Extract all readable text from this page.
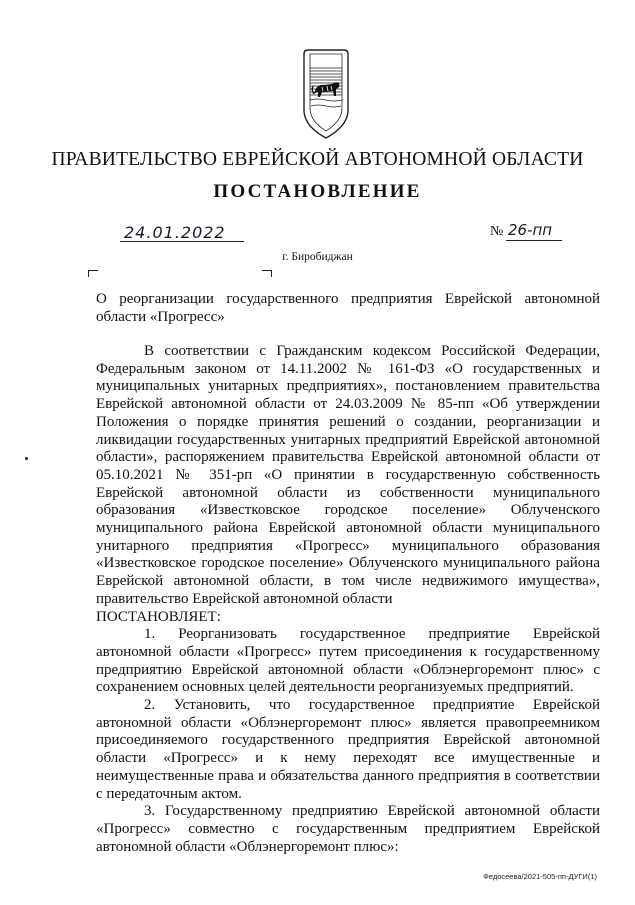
ПРАВИТЕЛЬСТВО ЕВРЕЙСКОЙ АВТОНОМНОЙ ОБЛАСТИ
ПОСТАНОВЛЕНИЕ
24.01.2022	№ 26-пп
г. Биробиджан
О реорганизации государственного предприятия Еврейской автономной области «Прогресс»

В соответствии с Гражданским кодексом Российской Федерации, Федеральным законом от 14.11.2002 № 161-ФЗ «О государственных и муниципальных унитарных предприятиях», постановлением правительства Еврейской автономной области от 24.03.2009 № 85-пп «Об утверждении Положения о порядке принятия решений о создании, реорганизации и ликвидации государственных унитарных предприятий Еврейской автономной области», распоряжением правительства Еврейской автономной области от 05.10.2021 № 351-рп «О принятии в государственную собственность Еврейской автономной области из собственности муниципального образования «Известковское городское поселение» Облученского муниципального района Еврейской автономной области муниципального унитарного предприятия «Прогресс» муниципального образования «Известковское городское поселение» Облученского муниципального района Еврейской автономной области, в том числе недвижимого имущества», правительство Еврейской автономной области

ПОСТАНОВЛЯЕТ:

1. Реорганизовать государственное предприятие Еврейской автономной области «Прогресс» путем присоединения к государственному предприятию Еврейской автономной области «Облэнергоремонт плюс» с сохранением основных целей деятельности реорганизуемых предприятий.

2. Установить, что государственное предприятие Еврейской автономной области «Облэнергоремонт плюс» является правопреемником присоединяемого государственного предприятия Еврейской автономной области «Прогресс» и к нему переходят все имущественные и неимущественные права и обязательства данного предприятия в соответствии с передаточным актом.

3. Государственному предприятию Еврейской автономной области «Прогресс» совместно с государственным предприятием Еврейской автономной области «Облэнергоремонт плюс»:

Федосеева/2021-505-пп-ДУГИ(1)
